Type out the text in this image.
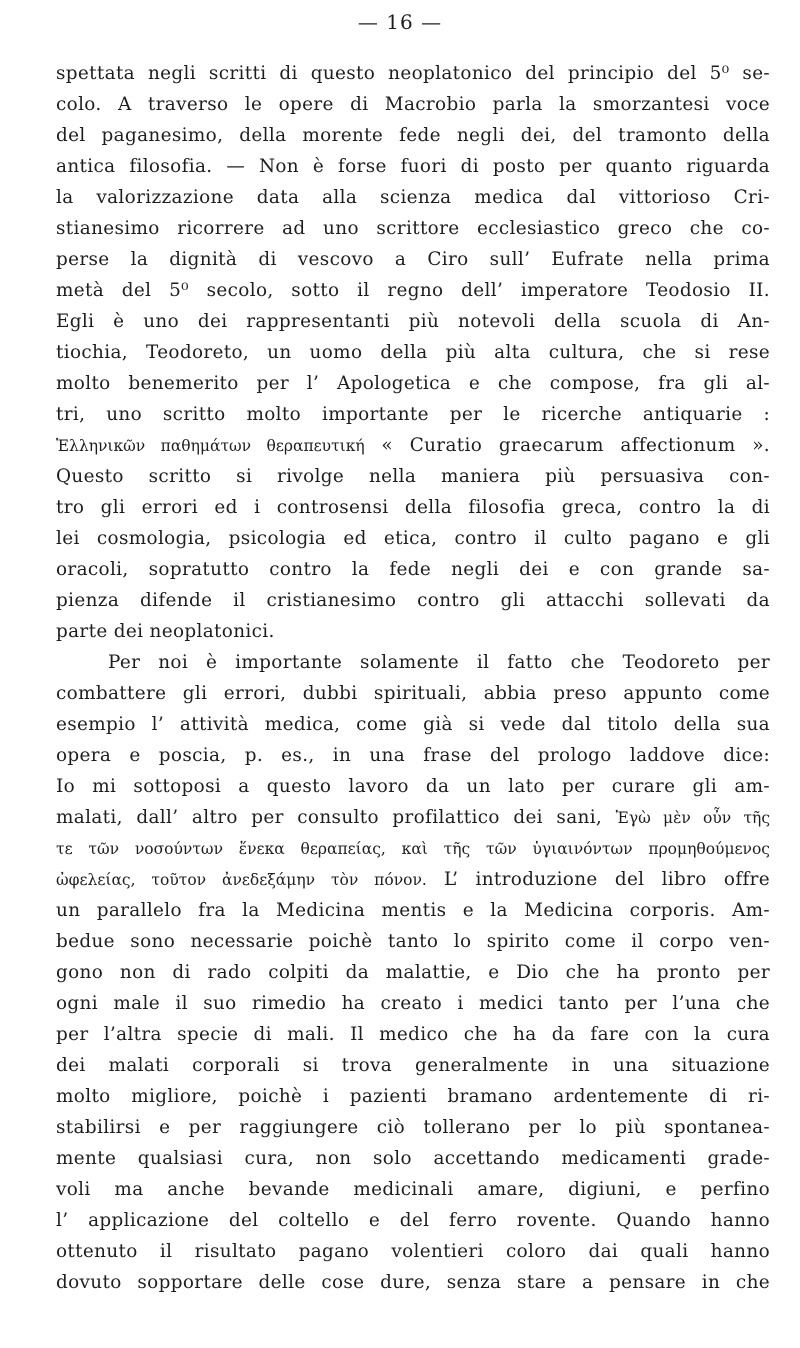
— 16 —
spettata negli scritti di questo neoplatonico del principio del 5⁰ se-
colo. A traverso le opere di Macrobio parla la smorzantesi voce
del paganesimo, della morente fede negli dei, del tramonto della
antica filosofia. — Non è forse fuori di posto per quanto riguarda
la valorizzazione data alla scienza medica dal vittorioso Cri-
stianesimo ricorrere ad uno scrittore ecclesiastico greco che co-
perse la dignità di vescovo a Ciro sull’ Eufrate nella prima
metà del 5⁰ secolo, sotto il regno dell’ imperatore Teodosio II.
Egli è uno dei rappresentanti più notevoli della scuola di An-
tiochia, Teodoreto, un uomo della più alta cultura, che si rese
molto benemerito per l’ Apologetica e che compose, fra gli al-
tri, uno scritto molto importante per le ricerche antiquarie :
Ἑλληνικῶν παθημάτων θεραπευτική « Curatio graecarum affectionum ».
Questo scritto si rivolge nella maniera più persuasiva con-
tro gli errori ed i controsensi della filosofia greca, contro la di
lei cosmologia, psicologia ed etica, contro il culto pagano e gli
oracoli, sopratutto contro la fede negli dei e con grande sa-
pienza difende il cristianesimo contro gli attacchi sollevati da
parte dei neoplatonici.
Per noi è importante solamente il fatto che Teodoreto per
combattere gli errori, dubbi spirituali, abbia preso appunto come
esempio l’ attività medica, come già si vede dal titolo della sua
opera e poscia, p. es., in una frase del prologo laddove dice:
Io mi sottoposi a questo lavoro da un lato per curare gli am-
malati, dall’ altro per consulto profilattico dei sani, Ἐγὼ μὲν οὖν τῆς
τε τῶν νοσούντων ἕνεκα θεραπείας, καὶ τῆς τῶν ὑγιαινόντων προμηθούμενος
ὠφελείας, τοῦτον ἀνεδεξάμην τὸν πόνον. L’ introduzione del libro offre
un parallelo fra la Medicina mentis e la Medicina corporis. Am-
bedue sono necessarie poichè tanto lo spirito come il corpo ven-
gono non di rado colpiti da malattie, e Dio che ha pronto per
ogni male il suo rimedio ha creato i medici tanto per l’una che
per l’altra specie di mali. Il medico che ha da fare con la cura
dei malati corporali si trova generalmente in una situazione
molto migliore, poichè i pazienti bramano ardentemente di ri-
stabilirsi e per raggiungere ciò tollerano per lo più spontanea-
mente qualsiasi cura, non solo accettando medicamenti grade-
voli ma anche bevande medicinali amare, digiuni, e perfino
l’ applicazione del coltello e del ferro rovente. Quando hanno
ottenuto il risultato pagano volentieri coloro dai quali hanno
dovuto sopportare delle cose dure, senza stare a pensare in che
